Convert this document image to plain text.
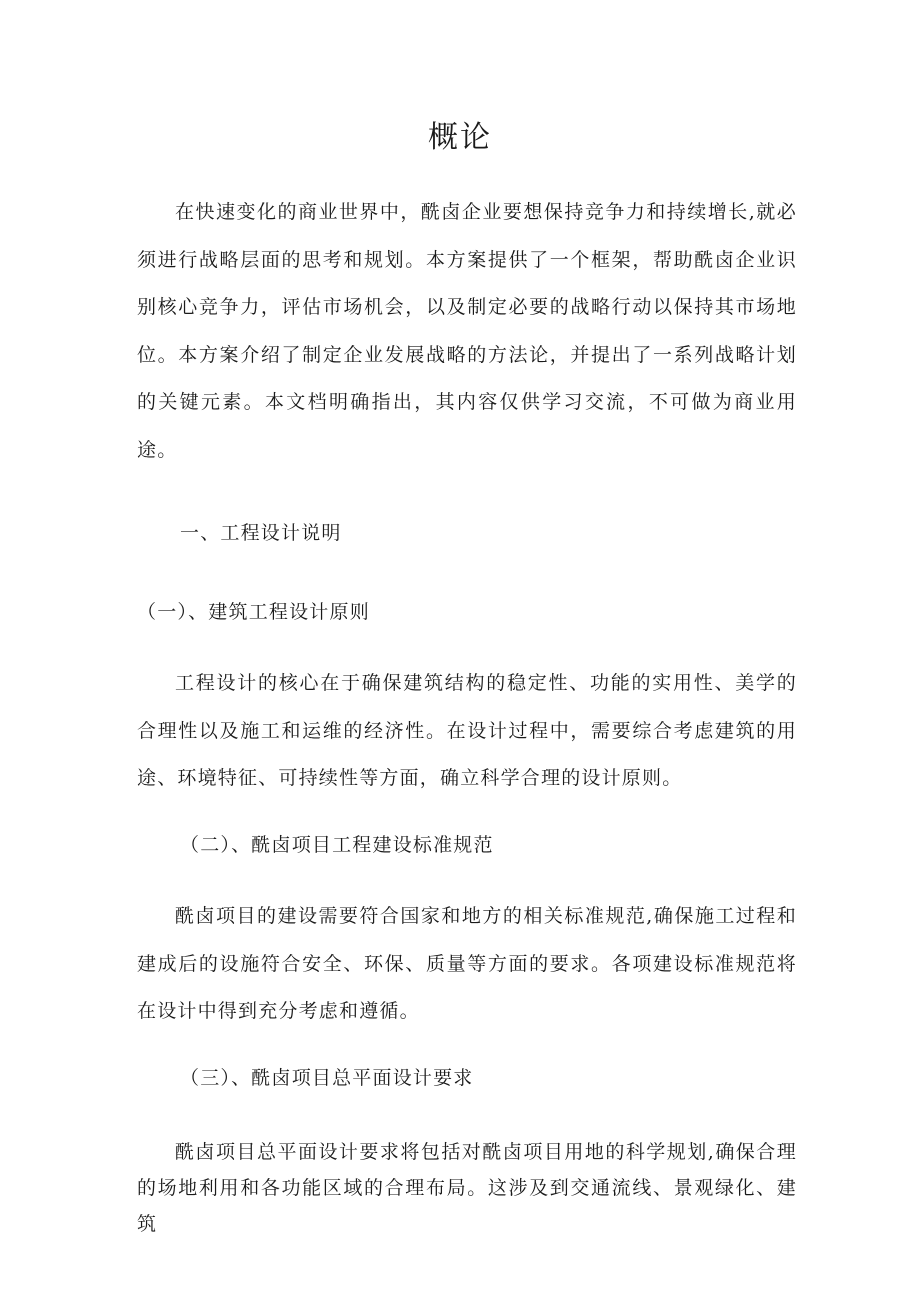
概论

在快速变化的商业世界中，酰卤企业要想保持竞争力和持续增长,就必须进行战略层面的思考和规划。本方案提供了一个框架，帮助酰卤企业识别核心竞争力，评估市场机会，以及制定必要的战略行动以保持其市场地位。本方案介绍了制定企业发展战略的方法论，并提出了一系列战略计划的关键元素。本文档明确指出，其内容仅供学习交流，不可做为商业用途。

一、工程设计说明

（一）、建筑工程设计原则

工程设计的核心在于确保建筑结构的稳定性、功能的实用性、美学的合理性以及施工和运维的经济性。在设计过程中，需要综合考虑建筑的用途、环境特征、可持续性等方面，确立科学合理的设计原则。

（二）、酰卤项目工程建设标准规范

酰卤项目的建设需要符合国家和地方的相关标准规范,确保施工过程和建成后的设施符合安全、环保、质量等方面的要求。各项建设标准规范将在设计中得到充分考虑和遵循。

（三）、酰卤项目总平面设计要求

酰卤项目总平面设计要求将包括对酰卤项目用地的科学规划,确保合理的场地利用和各功能区域的合理布局。这涉及到交通流线、景观绿化、建筑
